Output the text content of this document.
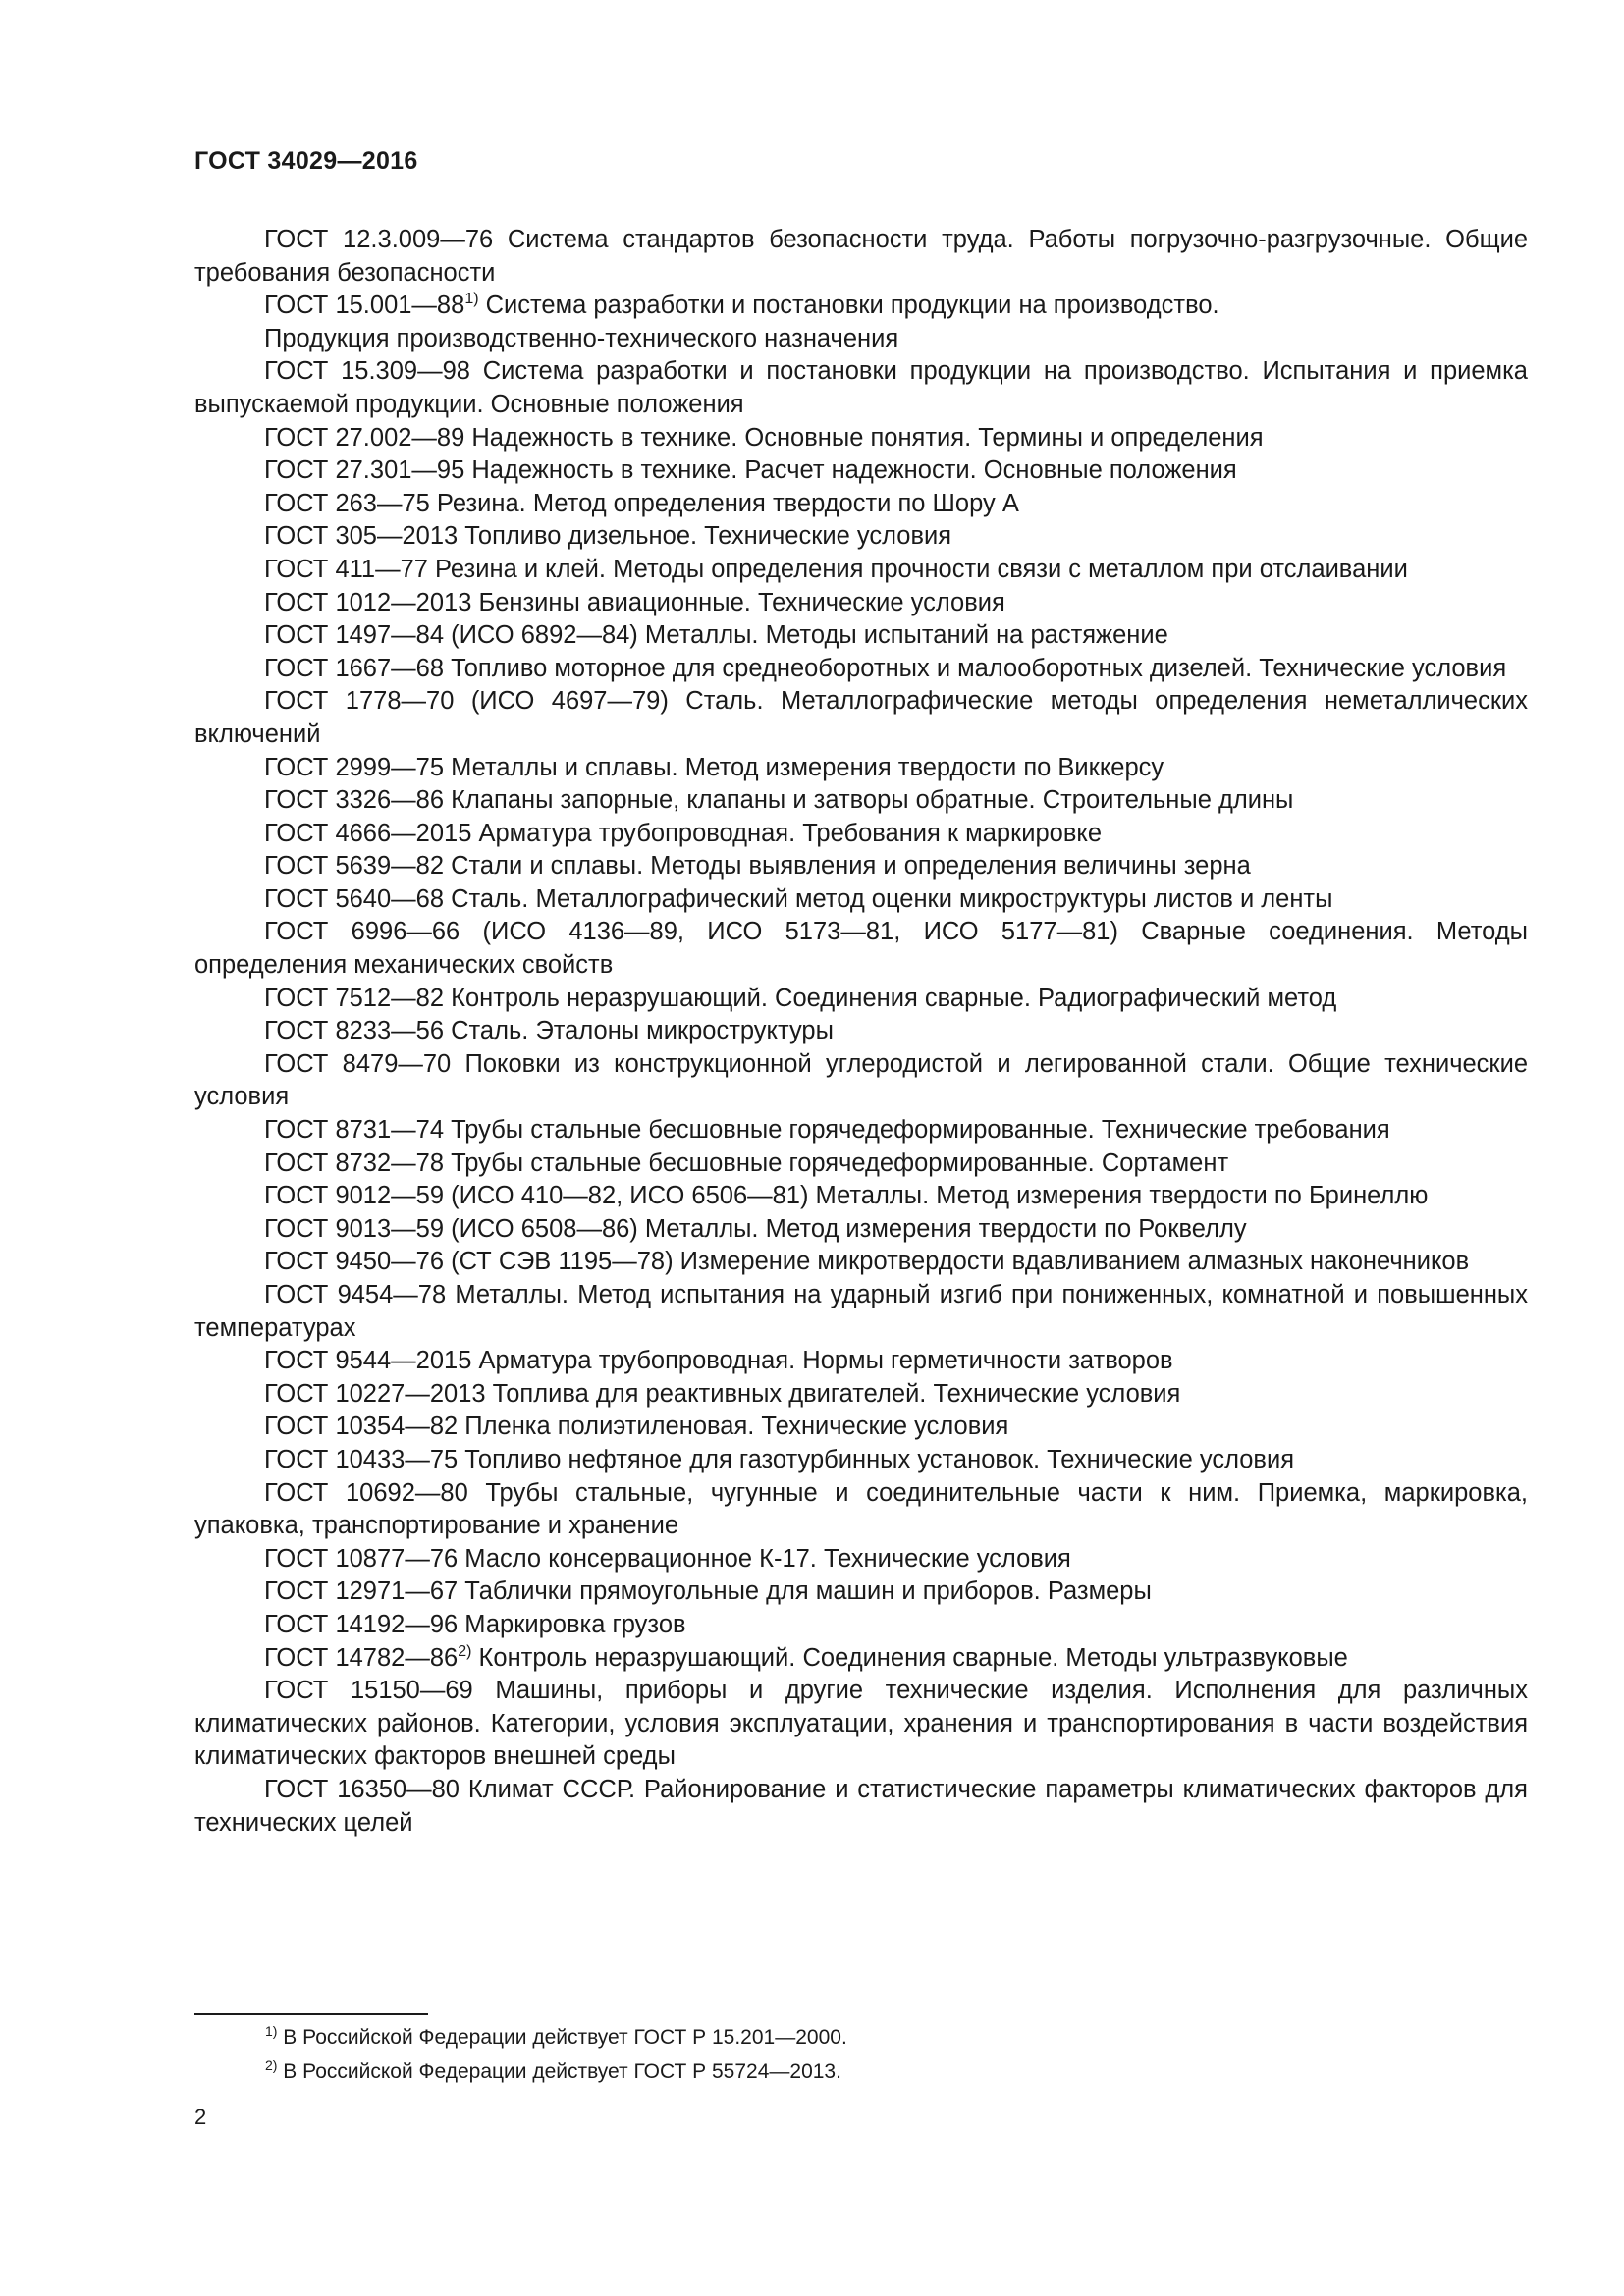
ГОСТ 34029—2016

ГОСТ 12.3.009—76 Система стандартов безопасности труда. Работы погрузочно-разгрузочные. Общие требования безопасности

ГОСТ 15.001—88$^{1)}$ Система разработки и постановки продукции на производство.

Продукция производственно-технического назначения

ГОСТ 15.309—98 Система разработки и постановки продукции на производство. Испытания и приемка выпускаемой продукции. Основные положения

ГОСТ 27.002—89 Надежность в технике. Основные понятия. Термины и определения

ГОСТ 27.301—95 Надежность в технике. Расчет надежности. Основные положения

ГОСТ 263—75 Резина. Метод определения твердости по Шору А

ГОСТ 305—2013 Топливо дизельное. Технические условия

ГОСТ 411—77 Резина и клей. Методы определения прочности связи с металлом при отслаивании

ГОСТ 1012—2013 Бензины авиационные. Технические условия

ГОСТ 1497—84 (ИСО 6892—84) Металлы. Методы испытаний на растяжение

ГОСТ 1667—68 Топливо моторное для среднеоборотных и малооборотных дизелей. Технические условия

ГОСТ 1778—70 (ИСО 4697—79) Сталь. Металлографические методы определения неметаллических включений

ГОСТ 2999—75 Металлы и сплавы. Метод измерения твердости по Виккерсу

ГОСТ 3326—86 Клапаны запорные, клапаны и затворы обратные. Строительные длины

ГОСТ 4666—2015 Арматура трубопроводная. Требования к маркировке

ГОСТ 5639—82 Стали и сплавы. Методы выявления и определения величины зерна

ГОСТ 5640—68 Сталь. Металлографический метод оценки микроструктуры листов и ленты

ГОСТ 6996—66 (ИСО 4136—89, ИСО 5173—81, ИСО 5177—81) Сварные соединения. Методы определения механических свойств

ГОСТ 7512—82 Контроль неразрушающий. Соединения сварные. Радиографический метод

ГОСТ 8233—56 Сталь. Эталоны микроструктуры

ГОСТ 8479—70 Поковки из конструкционной углеродистой и легированной стали. Общие технические условия

ГОСТ 8731—74 Трубы стальные бесшовные горячедеформированные. Технические требования

ГОСТ 8732—78 Трубы стальные бесшовные горячедеформированные. Сортамент

ГОСТ 9012—59 (ИСО 410—82, ИСО 6506—81) Металлы. Метод измерения твердости по Бринеллю

ГОСТ 9013—59 (ИСО 6508—86) Металлы. Метод измерения твердости по Роквеллу

ГОСТ 9450—76 (СТ СЭВ 1195—78) Измерение микротвердости вдавливанием алмазных наконечников

ГОСТ 9454—78 Металлы. Метод испытания на ударный изгиб при пониженных, комнатной и повышенных температурах

ГОСТ 9544—2015 Арматура трубопроводная. Нормы герметичности затворов

ГОСТ 10227—2013 Топлива для реактивных двигателей. Технические условия

ГОСТ 10354—82 Пленка полиэтиленовая. Технические условия

ГОСТ 10433—75 Топливо нефтяное для газотурбинных установок. Технические условия

ГОСТ 10692—80 Трубы стальные, чугунные и соединительные части к ним. Приемка, маркировка, упаковка, транспортирование и хранение

ГОСТ 10877—76 Масло консервационное К-17. Технические условия

ГОСТ 12971—67 Таблички прямоугольные для машин и приборов. Размеры

ГОСТ 14192—96 Маркировка грузов

ГОСТ 14782—86$^{2)}$ Контроль неразрушающий. Соединения сварные. Методы ультразвуковые

ГОСТ 15150—69 Машины, приборы и другие технические изделия. Исполнения для различных климатических районов. Категории, условия эксплуатации, хранения и транспортирования в части воздействия климатических факторов внешней среды

ГОСТ 16350—80 Климат СССР. Районирование и статистические параметры климатических факторов для технических целей

$^{1)}$ В Российской Федерации действует ГОСТ Р 15.201—2000.

$^{2)}$ В Российской Федерации действует ГОСТ Р 55724—2013.

2
